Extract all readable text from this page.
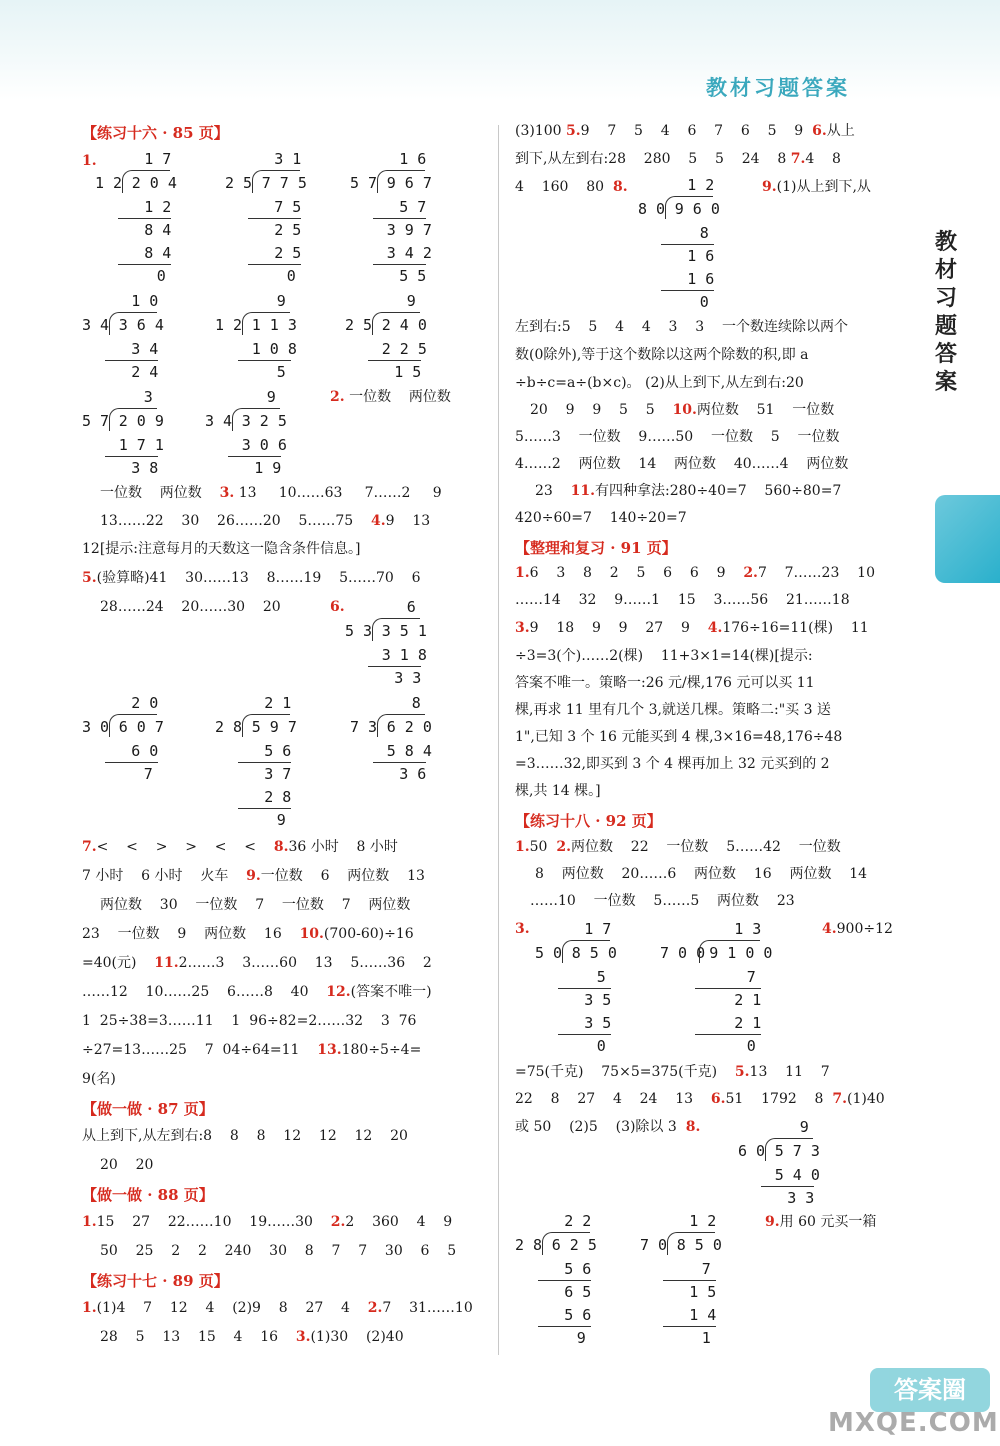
教材习题答案
教材习题答案
【练习十六 · 85 页】
1.	1 7
1 2 2 0 4
1 2
8 4
8 4
0
3 1
2 5 7 7 5
7 5
2 5
2 5
0
1 6
5 7 9 6 7
5 7
3 9 7
3 4 2
5 5
1 0
3 4 3 6 4
3 4
2 4
9
1 2 1 1 3
1 0 8
5
9
2 5 2 4 0
2 2 5
1 5
3
5 7 2 0 9
1 7 1
3 8
9
3 4 3 2 5
3 0 6
1 9
2. 一位数    两位数
一位数    两位数 3. 13     10……63     7……2     9
13……22    30    26……20    5……75 4.9    13
12[提示:注意每月的天数这一隐含条件信息。]
5.(验算略)41    30……13    8……19    5……70    6
28……24    20……30    20	6.	6
5 3 3 5 1
3 1 8
3 3
2 0
3 0 6 0 7
6 0
7
2 1
2 8 5 9 7
5 6
3 7
2 8
9
8
7 3 6 2 0
5 8 4
3 6
7.<    <    >    >    <    < 8.36 小时    8 小时
7 小时    6 小时    火车 9.一位数    6    两位数    13
两位数    30    一位数    7    一位数    7    两位数
23    一位数    9    两位数    16 10.(700-60)÷16
=40(元) 11.2……3    3……60    13    5……36    2
……12    10……25    6……8    40 12.(答案不唯一)
1  25÷38=3……11    1  96÷82=2……32    3  76
÷27=13……25    7  04÷64=11 13.180÷5÷4=
9(名)
【做一做 · 87 页】
从上到下,从左到右:8    8    8    12    12    12    20
20    20
【做一做 · 88 页】
1.15    27    22……10    19……30 2.2    360    4    9
50    25    2    2    240    30    8    7    7    30    6    5
【练习十七 · 89 页】
1.(1)4    7    12    4    (2)9    8    27    4 2.7    31……10
28    5    13    15    4    16 3.(1)30    (2)40
(3)100 5.9    7    5    4    6    7    6    5    9 6.从上
到下,从左到右:28    280    5    5    24    8 7.4    8
4    160    80 8.	1 2
8 0 9 6 0
8
1 6
1 6
0
9.(1)从上到下,从
左到右:5    5    4    4    3    3    一个数连续除以两个
数(0除外),等于这个数除以这两个除数的积,即 a
÷b÷c=a÷(b×c)。 (2)从上到下,从左到右:20
20    9    9    5    5 10.两位数    51    一位数
5……3    一位数    9……50    一位数    5    一位数
4……2    两位数    14    两位数    40……4    两位数
23 11.有四种拿法:280÷40=7    560÷80=7
420÷60=7    140÷20=7
【整理和复习 · 91 页】
1.6    3    8    2    5    6    6    9 2.7    7……23    10
……14    32    9……1    15    3……56    21……18
3.9    18    9    9    27    9 4.176÷16=11(棵)    11
÷3=3(个)……2(棵)    11+3×1=14(棵)[提示:
答案不唯一。策略一:26 元/棵,176 元可以买 11
棵,再求 11 里有几个 3,就送几棵。策略二:"买 3 送
1",已知 3 个 16 元能买到 4 棵,3×16=48,176÷48
=3……32,即买到 3 个 4 棵再加上 32 元买到的 2
棵,共 14 棵。]
【练习十八 · 92 页】
1.50 2.两位数    22    一位数    5……42    一位数
8    两位数    20……6    两位数    16    两位数    14
……10    一位数    5……5    两位数    23
3.	1 7
5 0 8 5 0
5
3 5
3 5
0
1 3
7 0 0 9 1 0 0
7
2 1
2 1
0
4.900÷12
=75(千克)    75×5=375(千克) 5.13    11    7
22    8    27    4    24    13 6.51    1792    8 7.(1)40
或 50    (2)5    (3)除以 3 8.	9
6 0 5 7 3
5 4 0
3 3
2 2
2 8 6 2 5
5 6
6 5
5 6
9
1 2
7 0 8 5 0
7
1 5
1 4
1
9.用 60 元买一箱
答案圈
MXQE.COM
